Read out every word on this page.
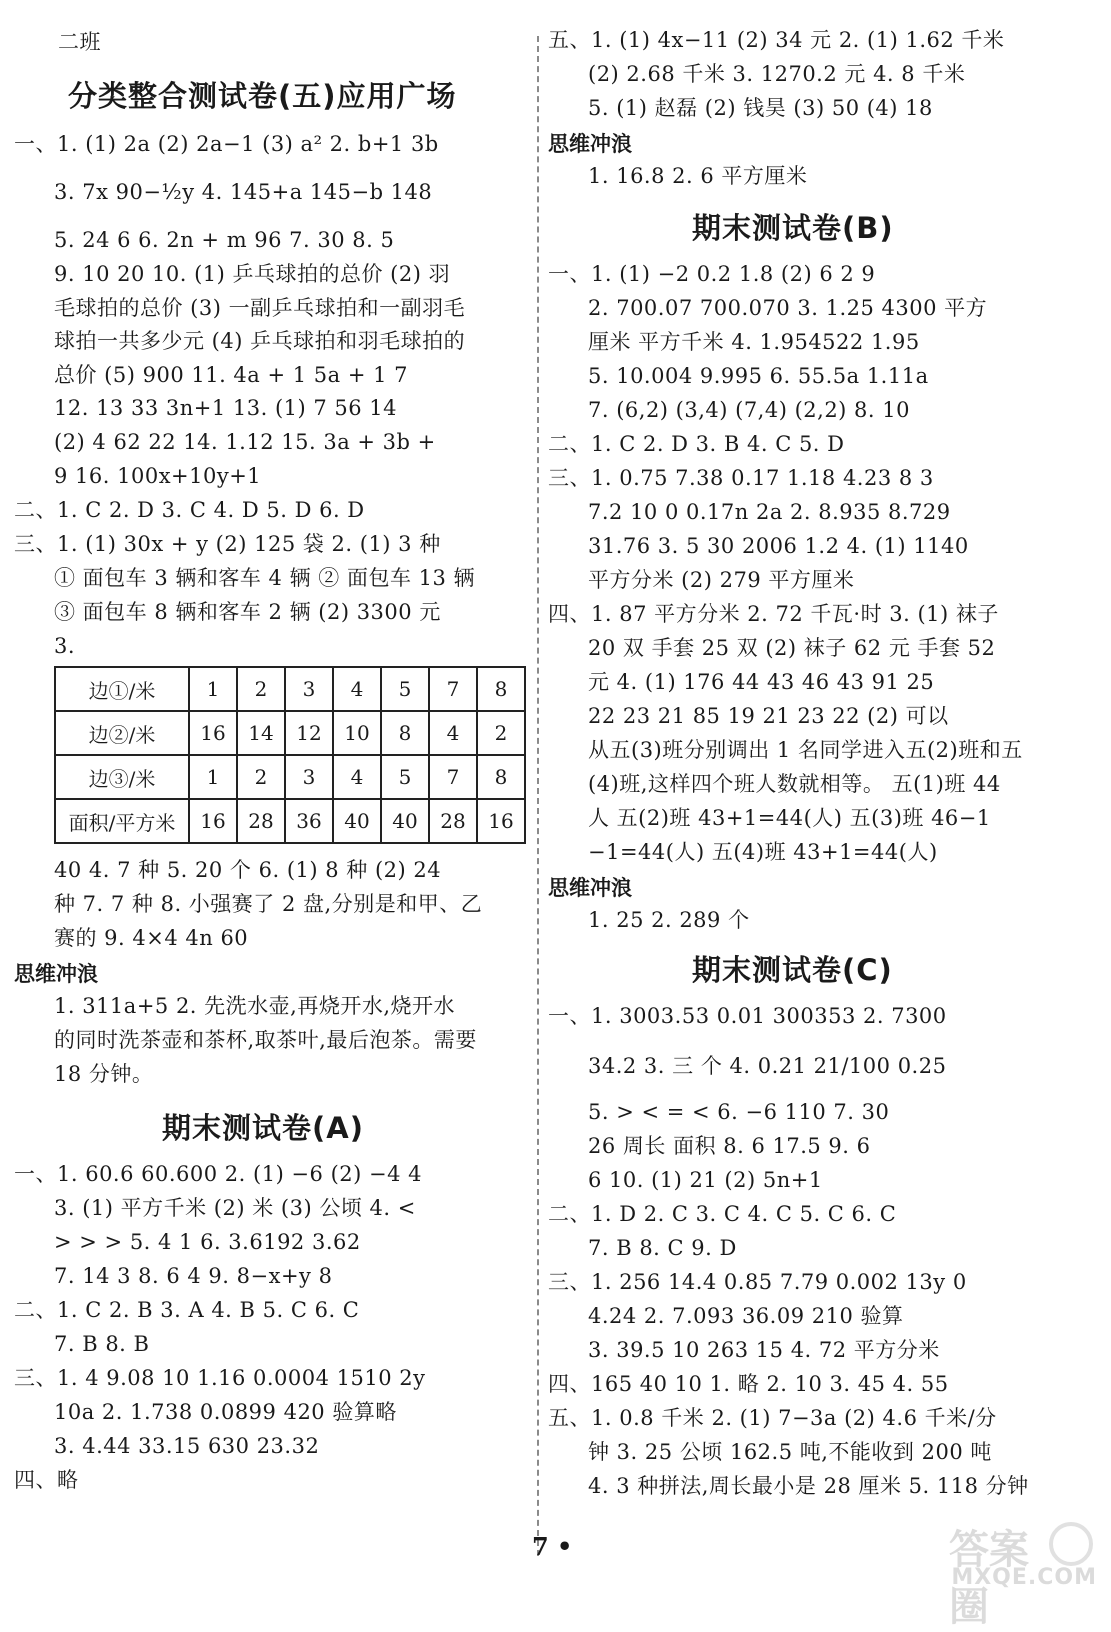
二班
分类整合测试卷(五)应用广场
一、1. (1) 2a (2) 2a−1 (3) a² 2. b+1 3b
3. 7x 90−½y 4. 145+a 145−b 148
5. 24 6 6. 2n + m 96 7. 30 8. 5
9. 10 20 10. (1) 乒乓球拍的总价 (2) 羽
毛球拍的总价 (3) 一副乒乓球拍和一副羽毛
球拍一共多少元 (4) 乒乓球拍和羽毛球拍的
总价 (5) 900 11. 4a + 1 5a + 1 7
12. 13 33 3n+1 13. (1) 7 56 14
(2) 4 62 22 14. 1.12 15. 3a + 3b +
9 16. 100x+10y+1
二、1. C 2. D 3. C 4. D 5. D 6. D
三、1. (1) 30x + y (2) 125 袋 2. (1) 3 种
① 面包车 3 辆和客车 4 辆 ② 面包车 13 辆
③ 面包车 8 辆和客车 2 辆 (2) 3300 元
3.
边①/米	1	2	3	4	5	7	8
边②/米	16	14	12	10	8	4	2
边③/米	1	2	3	4	5	7	8
面积/平方米	16	28	36	40	40	28	16
40 4. 7 种 5. 20 个 6. (1) 8 种 (2) 24
种 7. 7 种 8. 小强赛了 2 盘,分别是和甲、乙
赛的 9. 4×4 4n 60
思维冲浪
1. 311a+5 2. 先洗水壶,再烧开水,烧开水
的同时洗茶壶和茶杯,取茶叶,最后泡茶。需要
18 分钟。
期末测试卷(A)
一、1. 60.6 60.600 2. (1) −6 (2) −4 4
3. (1) 平方千米 (2) 米 (3) 公顷 4. <
> > > 5. 4 1 6. 3.6192 3.62
7. 14 3 8. 6 4 9. 8−x+y 8
二、1. C 2. B 3. A 4. B 5. C 6. C
7. B 8. B
三、1. 4 9.08 10 1.16 0.0004 1510 2y
10a 2. 1.738 0.0899 420 验算略
3. 4.44 33.15 630 23.32
四、略
五、1. (1) 4x−11 (2) 34 元 2. (1) 1.62 千米
(2) 2.68 千米 3. 1270.2 元 4. 8 千米
5. (1) 赵磊 (2) 钱昊 (3) 50 (4) 18
思维冲浪
1. 16.8 2. 6 平方厘米
期末测试卷(B)
一、1. (1) −2 0.2 1.8 (2) 6 2 9
2. 700.07 700.070 3. 1.25 4300 平方
厘米 平方千米 4. 1.954522 1.95
5. 10.004 9.995 6. 55.5a 1.11a
7. (6,2) (3,4) (7,4) (2,2) 8. 10
二、1. C 2. D 3. B 4. C 5. D
三、1. 0.75 7.38 0.17 1.18 4.23 8 3
7.2 10 0 0.17n 2a 2. 8.935 8.729
31.76 3. 5 30 2006 1.2 4. (1) 1140
平方分米 (2) 279 平方厘米
四、1. 87 平方分米 2. 72 千瓦·时 3. (1) 袜子
20 双 手套 25 双 (2) 袜子 62 元 手套 52
元 4. (1) 176 44 43 46 43 91 25
22 23 21 85 19 21 23 22 (2) 可以
从五(3)班分别调出 1 名同学进入五(2)班和五
(4)班,这样四个班人数就相等。 五(1)班 44
人 五(2)班 43+1=44(人) 五(3)班 46−1
−1=44(人) 五(4)班 43+1=44(人)
思维冲浪
1. 25 2. 289 个
期末测试卷(C)
一、1. 3003.53 0.01 300353 2. 7300
34.2 3. 三 个 4. 0.21 21/100 0.25
5. > < = < 6. −6 110 7. 30
26 周长 面积 8. 6 17.5 9. 6
6 10. (1) 21 (2) 5n+1
二、1. D 2. C 3. C 4. C 5. C 6. C
7. B 8. C 9. D
三、1. 256 14.4 0.85 7.79 0.002 13y 0
4.24 2. 7.093 36.09 210 验算
3. 39.5 10 263 15 4. 72 平方分米
四、165 40 10 1. 略 2. 10 3. 45 4. 55
五、1. 0.8 千米 2. (1) 7−3a (2) 4.6 千米/分
钟 3. 25 公顷 162.5 吨,不能收到 200 吨
4. 3 种拼法,周长最小是 28 厘米 5. 118 分钟
7 •	答案圈
MXQE.COM
